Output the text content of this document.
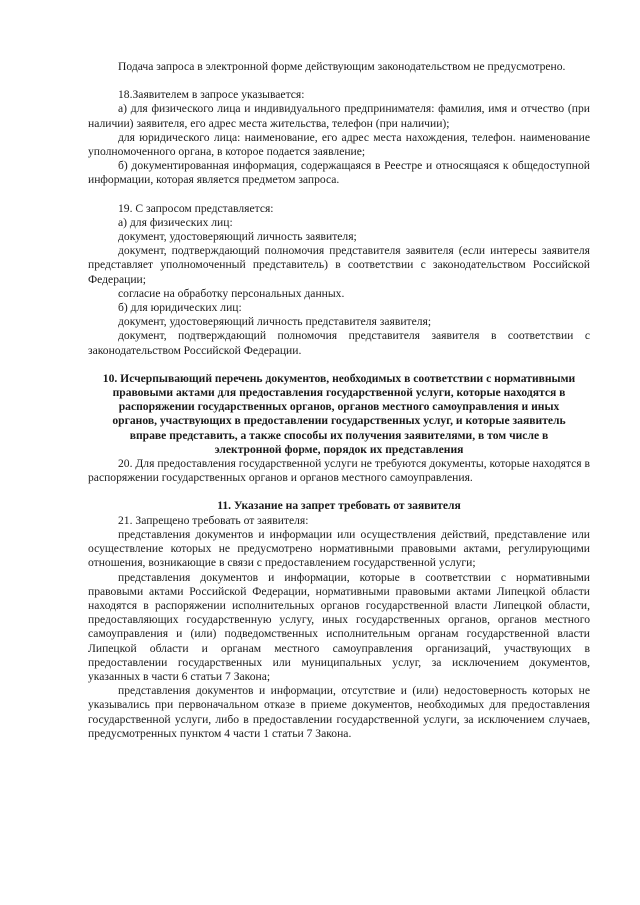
Подача запроса в электронной форме действующим законодательством не предусмотрено.

18.Заявителем в запросе указывается:

а) для физического лица и индивидуального предпринимателя: фамилия, имя и отчество (при наличии) заявителя, его адрес места жительства, телефон (при наличии);

для юридического лица: наименование, его адрес места нахождения, телефон. наименование уполномоченного органа, в которое подается заявление;

б) документированная информация, содержащаяся в Реестре и относящаяся к общедоступной информации, которая является предметом запроса.

19. С запросом представляется:

а) для физических лиц:

документ, удостоверяющий личность заявителя;

документ, подтверждающий полномочия представителя заявителя (если интересы заявителя представляет уполномоченный представитель) в соответствии с законодательством Российской Федерации;

согласие на обработку персональных данных.

б) для юридических лиц:

документ, удостоверяющий личность представителя заявителя;

документ, подтверждающий полномочия представителя заявителя в соответствии с законодательством Российской Федерации.

10. Исчерпывающий перечень документов, необходимых в соответствии с нормативными правовыми актами для предоставления государственной услуги, которые находятся в распоряжении государственных органов, органов местного самоуправления и иных органов, участвующих в предоставлении государственных услуг, и которые заявитель вправе представить, а также способы их получения заявителями, в том числе в электронной форме, порядок их представления

20. Для предоставления государственной услуги не требуются документы, которые находятся в распоряжении государственных органов и органов местного самоуправления.

11. Указание на запрет требовать от заявителя

21. Запрещено требовать от заявителя:

представления документов и информации или осуществления действий, представление или осуществление которых не предусмотрено нормативными правовыми актами, регулирующими отношения, возникающие в связи с предоставлением государственной услуги;

представления документов и информации, которые в соответствии с нормативными правовыми актами Российской Федерации, нормативными правовыми актами Липецкой области находятся в распоряжении исполнительных органов государственной власти Липецкой области, предоставляющих государственную услугу, иных государственных органов, органов местного самоуправления и (или) подведомственных исполнительным органам государственной власти Липецкой области и органам местного самоуправления организаций, участвующих в предоставлении государственных или муниципальных услуг, за исключением документов, указанных в части 6 статьи 7 Закона;

представления документов и информации, отсутствие и (или) недостоверность которых не указывались при первоначальном отказе в приеме документов, необходимых для предоставления государственной услуги, либо в предоставлении государственной услуги, за исключением случаев, предусмотренных пунктом 4 части 1 статьи 7 Закона.
